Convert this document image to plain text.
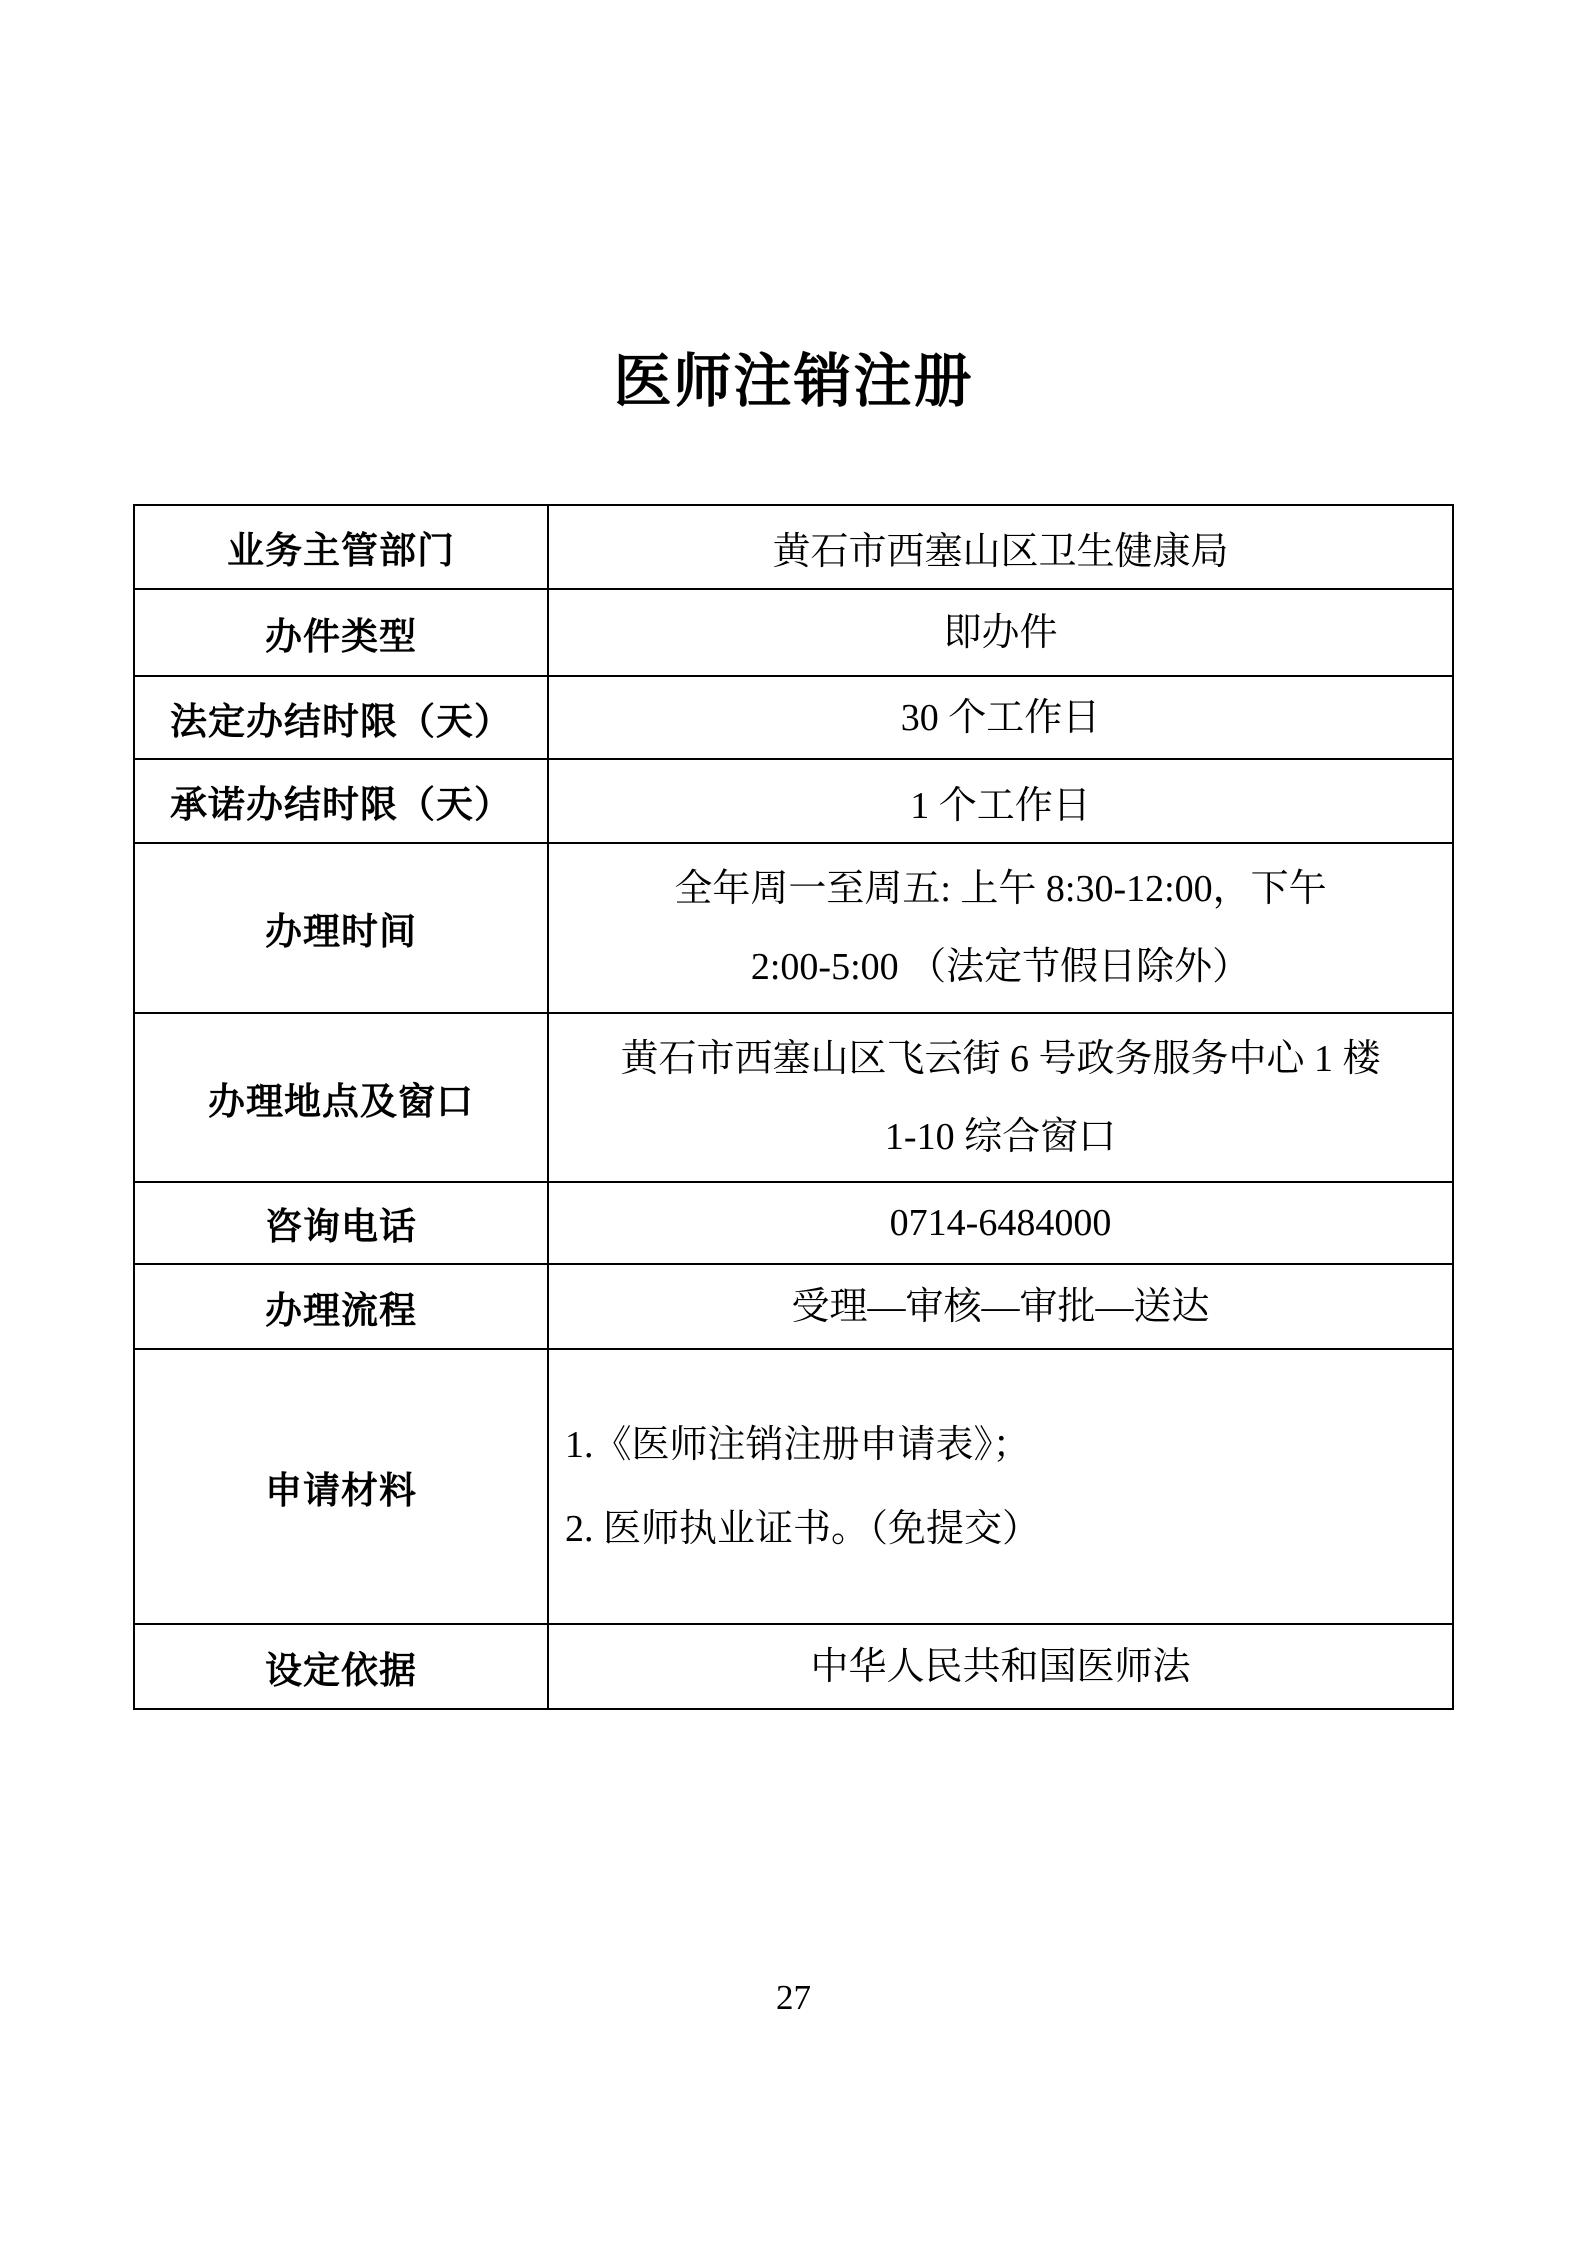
医师注销注册
业务主管部门	黄石市西塞山区卫生健康局

办件类型	即办件

法定办结时限（天）	30 个工作日

承诺办结时限（天）	1 个工作日

办理时间	全年周一至周五: 上午 8:30-12:00，下午
2:00-5:00 （法定节假日除外）

办理地点及窗口	黄石市西塞山区飞云街 6 号政务服务中心 1 楼
1-10 综合窗口

咨询电话	0714-6484000

办理流程	受理—审核—审批—送达

申请材料	1.《医师注销注册申请表》；
2. 医师执业证书。（免提交）

设定依据	中华人民共和国医师法
27
